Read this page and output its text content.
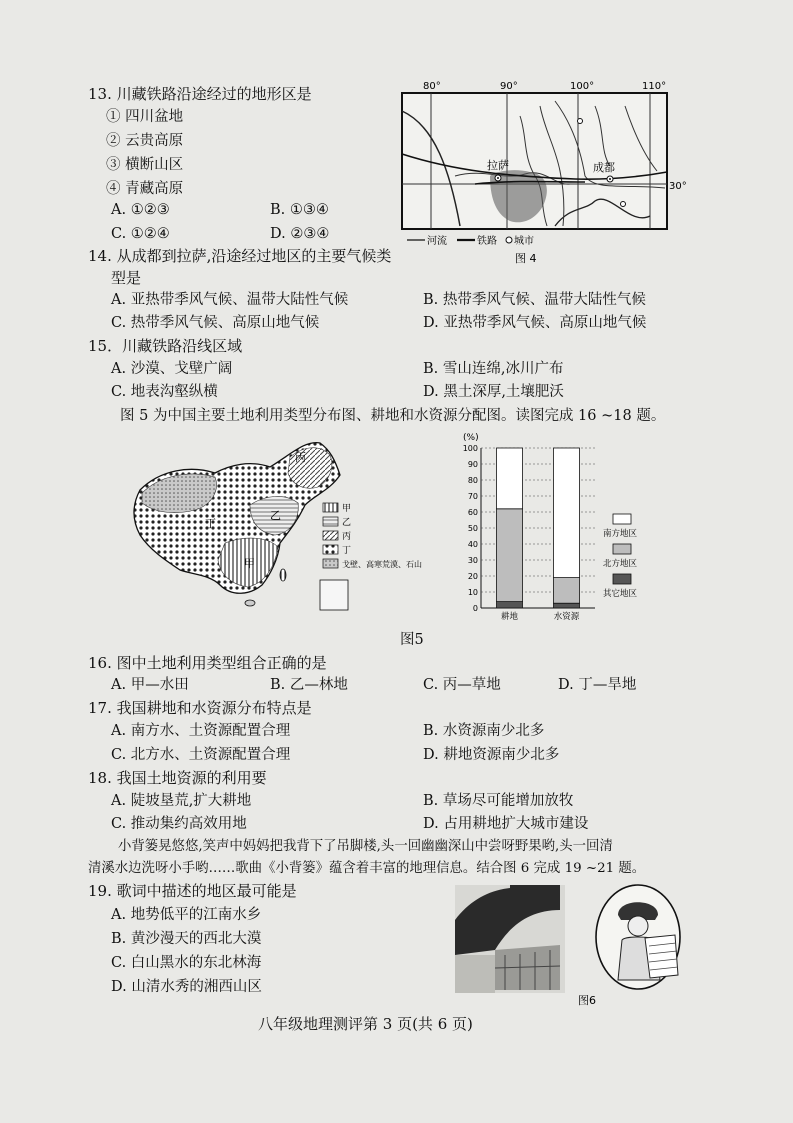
13. 川藏铁路沿途经过的地形区是
① 四川盆地
② 云贵高原
③ 横断山区
④ 青藏高原
A. ①②③	B. ①③④
C. ①②④	D. ②③④
80°	90°	100°	110°
30°
拉萨	成都
河流	铁路 城市
图 4
14. 从成都到拉萨,沿途经过地区的主要气候类
型是
A. 亚热带季风气候、温带大陆性气候	B. 热带季风气候、温带大陆性气候
C. 热带季风气候、高原山地气候	D. 亚热带季风气候、高原山地气候
15．川藏铁路沿线区域
A. 沙漠、戈壁广阔	B. 雪山连绵,冰川广布
C. 地表沟壑纵横	D. 黑土深厚,土壤肥沃
图 5 为中国主要土地利用类型分布图、耕地和水资源分配图。读图完成 16 ~18 题。
丙
乙
丁
甲
甲
乙
丙
丁
戈壁、高寒荒漠、石山
(%)
0
10
20
30
40
50
60
70
80
90
100
耕地	水资源
南方地区
北方地区
其它地区
图5
16. 图中土地利用类型组合正确的是
A. 甲—水田	B. 乙—林地	C. 丙—草地	D. 丁—旱地
17. 我国耕地和水资源分布特点是
A. 南方水、土资源配置合理	B. 水资源南少北多
C. 北方水、土资源配置合理	D. 耕地资源南少北多
18. 我国土地资源的利用要
A. 陡坡垦荒,扩大耕地	B. 草场尽可能增加放牧
C. 推动集约高效用地	D. 占用耕地扩大城市建设
小背篓晃悠悠,笑声中妈妈把我背下了吊脚楼,头一回幽幽深山中尝呀野果哟,头一回清
清溪水边洗呀小手哟……歌曲《小背篓》蕴含着丰富的地理信息。结合图 6 完成 19 ~21 题。
19. 歌词中描述的地区最可能是
A. 地势低平的江南水乡
B. 黄沙漫天的西北大漠
C. 白山黑水的东北林海
D. 山清水秀的湘西山区
图6
八年级地理测评第 3 页(共 6 页)
